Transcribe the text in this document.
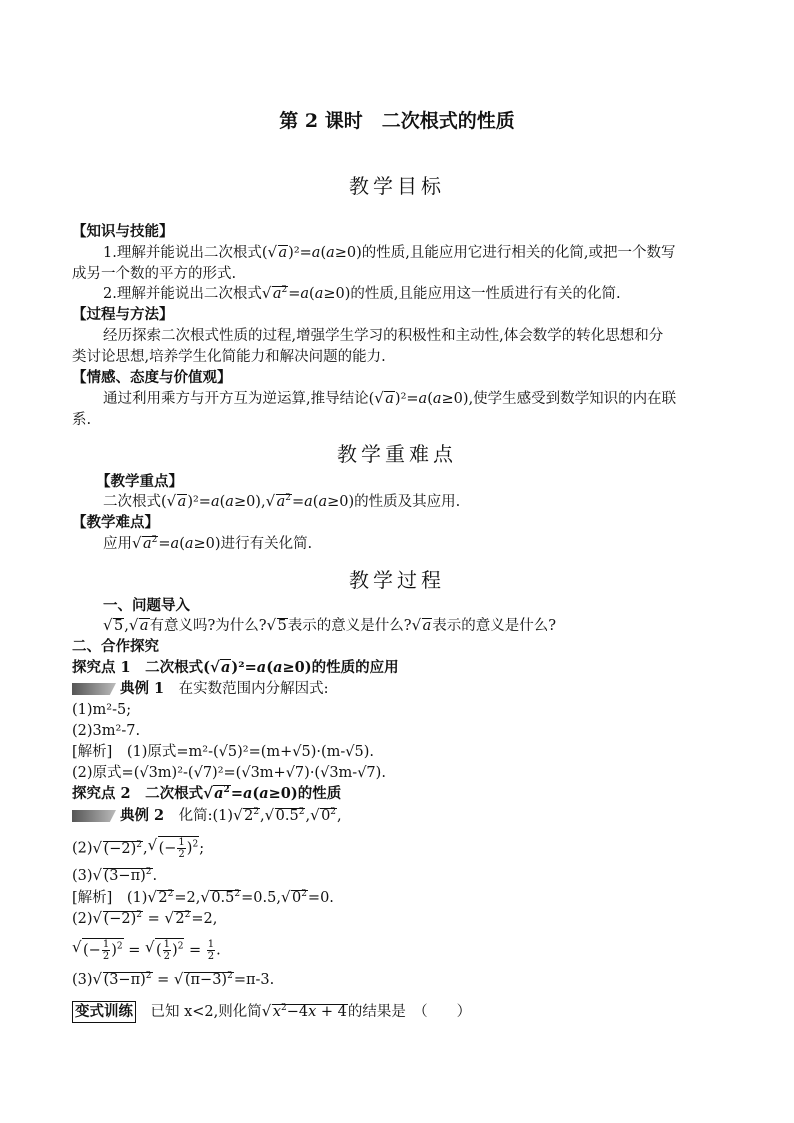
第 2 课时　二次根式的性质
教学目标
【知识与技能】
1.理解并能说出二次根式(√ a)²=a(a≥0)的性质,且能应用它进行相关的化简,或把一个数写
成另一个数的平方的形式.
2.理解并能说出二次根式√ $a^2=a(a\ge 0)$的性质,且能应用这一性质进行有关的化简.
【过程与方法】
经历探索二次根式性质的过程,增强学生学习的积极性和主动性,体会数学的转化思想和分
类讨论思想,培养学生化简能力和解决问题的能力.
【情感、态度与价值观】
通过利用乘方与开方互为逆运算,推导结论(√ a)²=a(a≥0),使学生感受到数学知识的内在联
系.
教学重难点
【教学重点】
二次根式(√ a)²=a(a≥0),√ $a^2=a(a\ge 0)$的性质及其应用.
【教学难点】
应用√ $a^2=a(a\ge 0)$进行有关化简.
教学过程
一、问题导入
√ 5,√ a有意义吗?为什么?√ 5表示的意义是什么?√ a表示的意义是什么?
二、合作探究
探究点 1　二次根式(√ a)²=a(a≥0)的性质的应用
典例 1　 在实数范围内分解因式:
(1)m²-5;
(2)3m²-7.
[解析]　 (1)原式=m²-(√5)²=(m+√5)·(m-√5).
(2)原式=(√3m)²-(√7)²=(√3m+√7)·(√3m-√7).
探究点 2　二次根式√ $a^2=a(a\ge 0)$的性质
典例 2　 化简:(1)√ $2^2,√$ $0.5^2,√$ $0^2$,
(2)√ $(-2)^2,√$ (− $\frac{1}{2} )^2$;
(3)√ $(3-\pi)^2$.
[解析]　(1)√ $2^2=2,√$ $0.5^2=0.5,√$ $0^2=0$.
(2)√ $(-2)^2$ = √ $2^2=2$,
√ (− $\frac{1}{2} )^2$ = √ ( $\frac{1}{2} )^2 = \frac{1}{2}$ .
(3)√ $(3-\pi)^2$ = √ $(\pi-3)^2=\pi-3$.
变式训练　 已知 x<2,则化简√ $x^2-4x + 4$的结果是　（　　）
